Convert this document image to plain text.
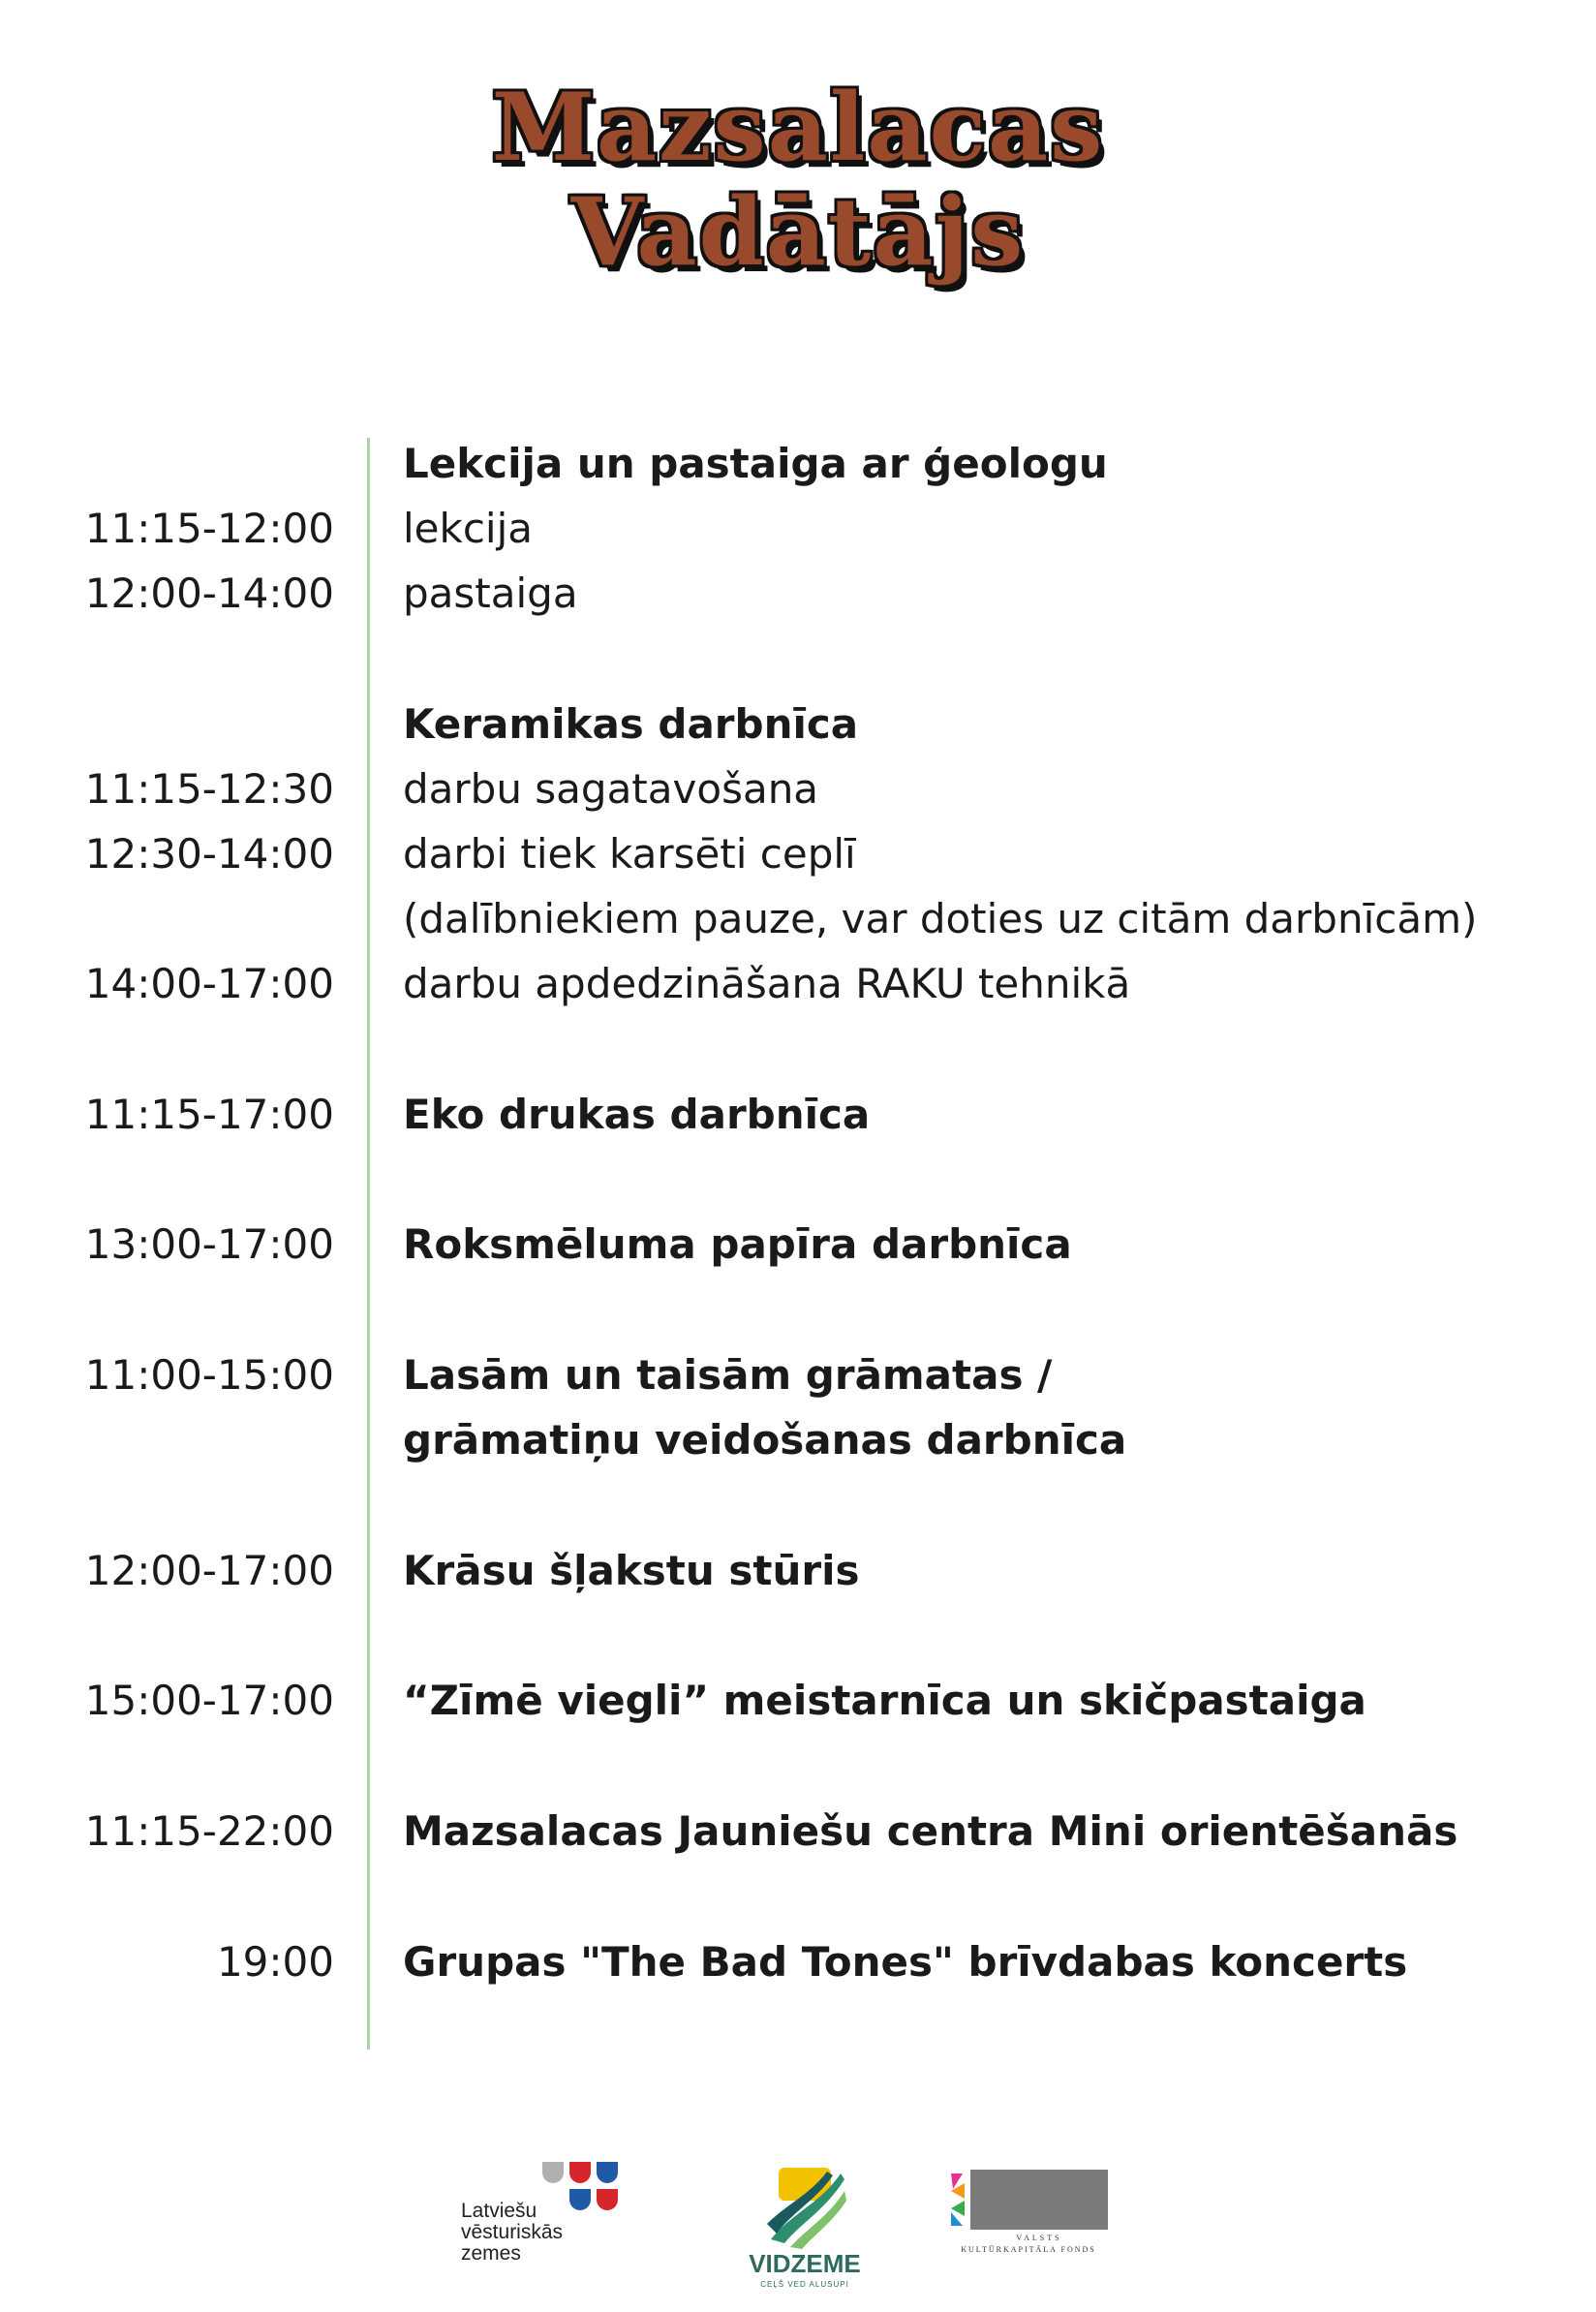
Mazsalacas
Vadātājs
Lekcija un pastaiga ar ģeologu
11:15-12:00 lekcija
12:00-14:00 pastaiga
Keramikas darbnīca
11:15-12:30 darbu sagatavošana
12:30-14:00 darbi tiek karsēti ceplī
(dalībniekiem pauze, var doties uz citām darbnīcām)
14:00-17:00 darbu apdedzināšana RAKU tehnikā
11:15-17:00 Eko drukas darbnīca
13:00-17:00 Roksmēluma papīra darbnīca
11:00-15:00 Lasām un taisām grāmatas /
grāmatiņu veidošanas darbnīca
12:00-17:00 Krāsu šļakstu stūris
15:00-17:00 “Zīmē viegli” meistarnīca un skičpastaiga
11:15-22:00 Mazsalacas Jauniešu centra Mini orientēšanās
19:00 Grupas "The Bad Tones" brīvdabas koncerts
Latviešu
vēsturiskās
zemes	VIDZEME
CEĻŠ VED ALUSUPI
VALSTS
KULTŪRKAPITĀLA FONDS
